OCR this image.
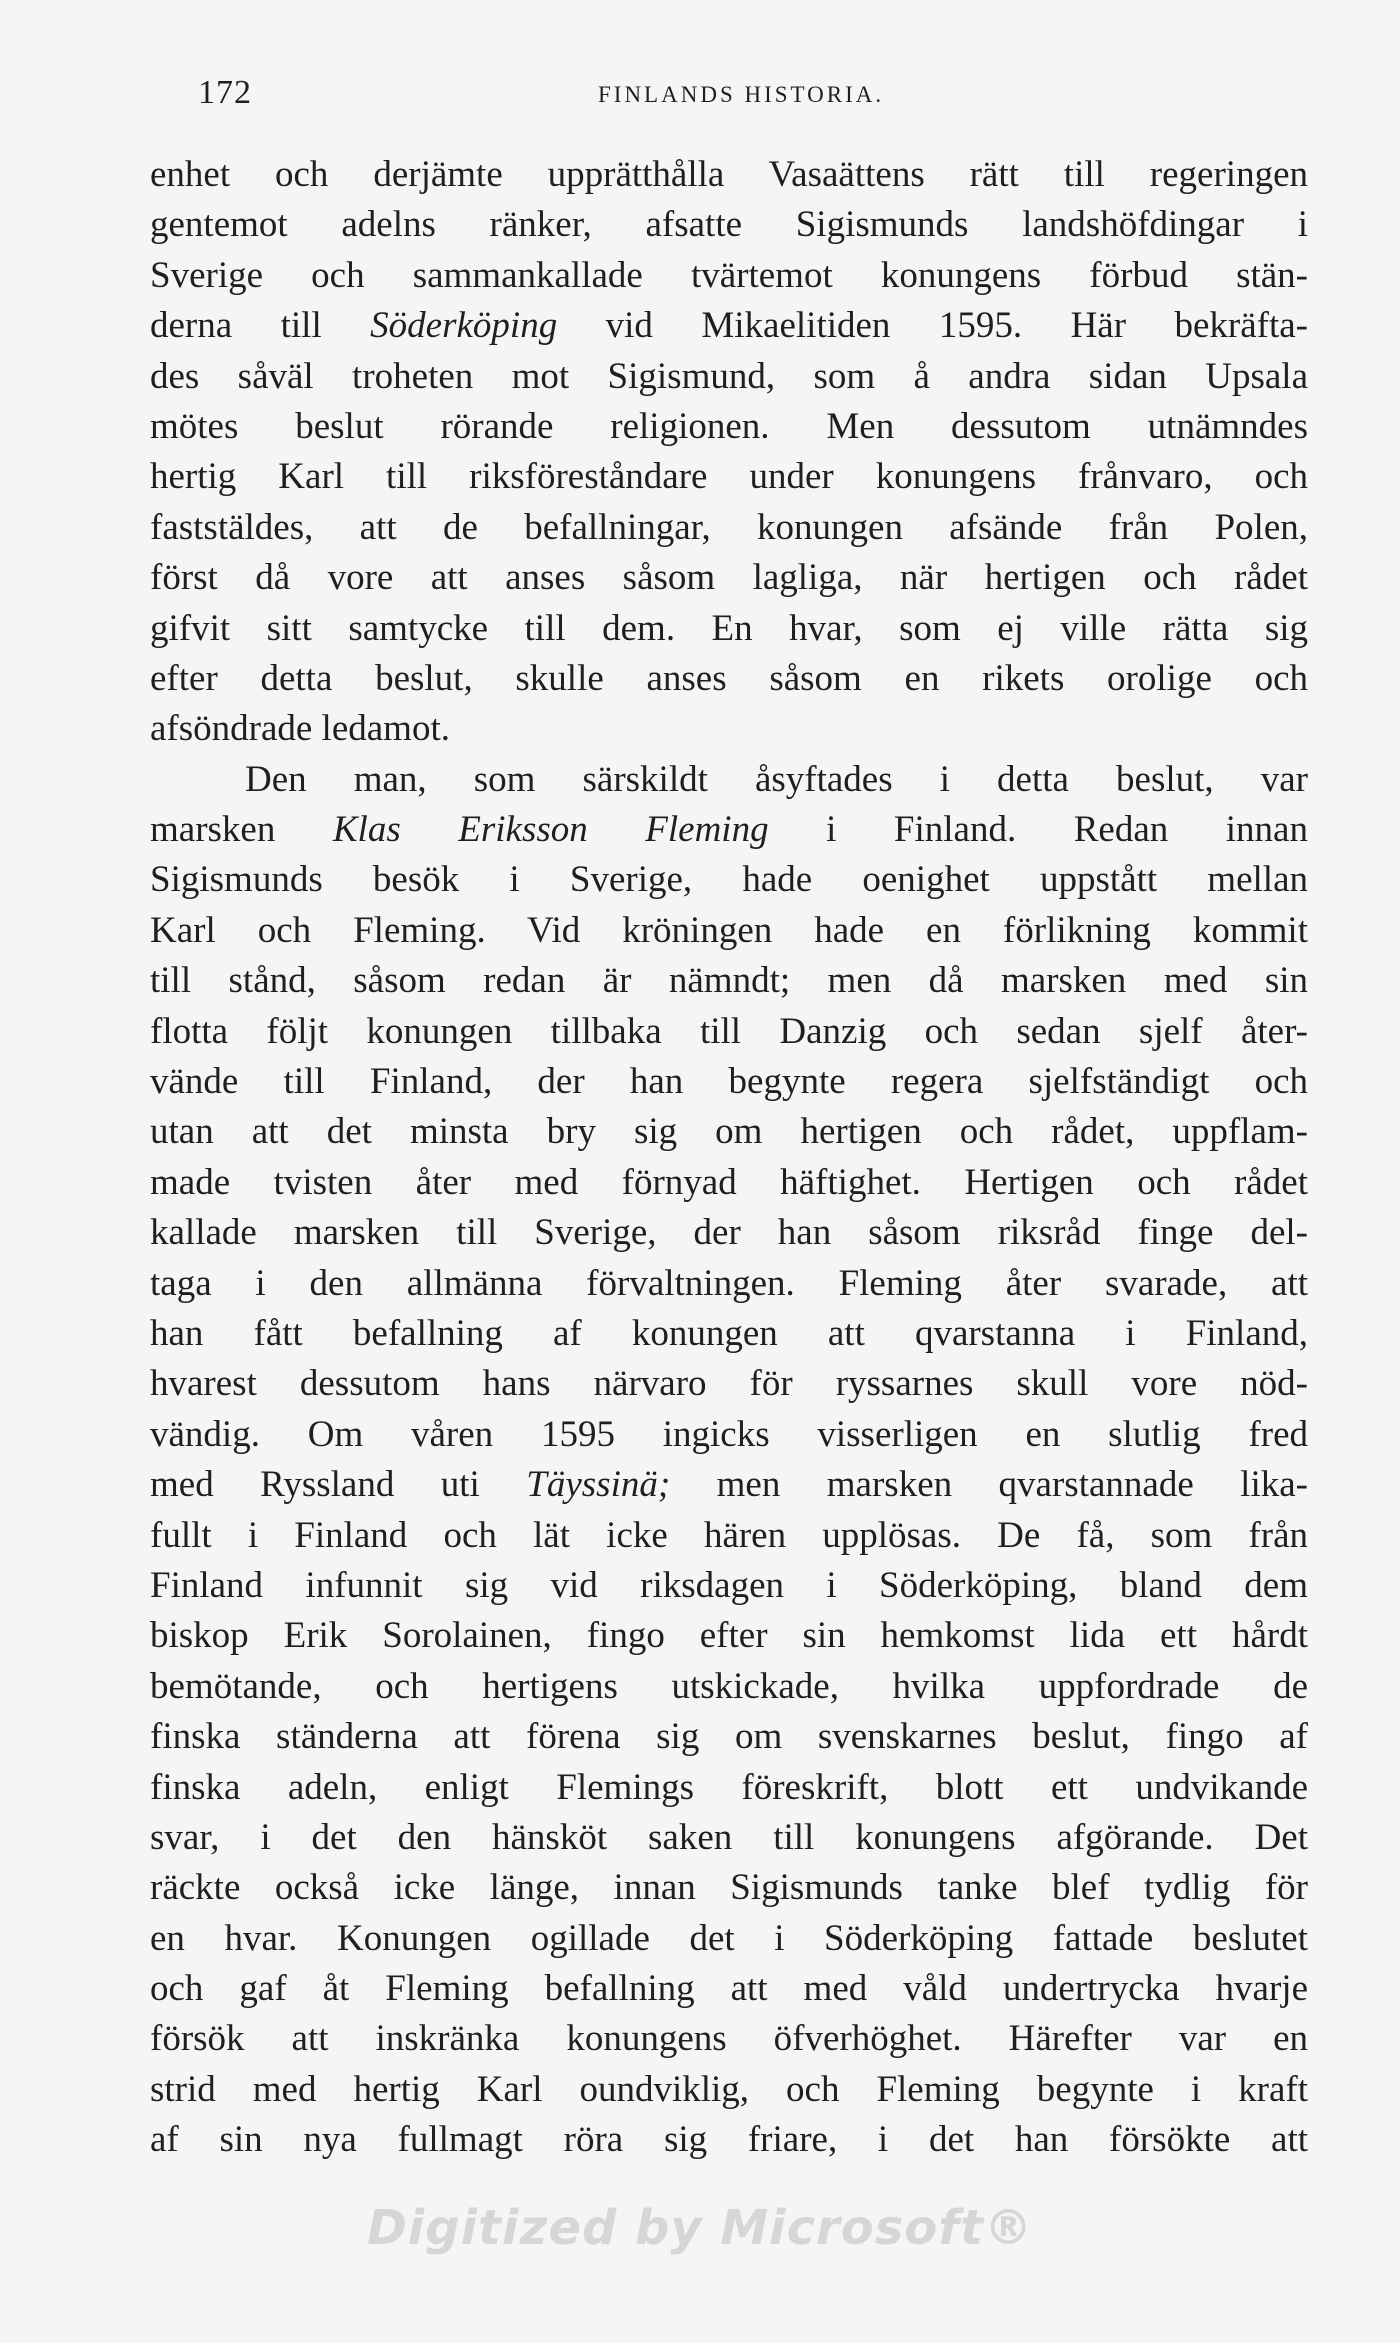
172	FINLANDS HISTORIA.
enhet och derjämte upprätthålla Vasaättens rätt till regeringen
gentemot adelns ränker, afsatte Sigismunds landshöfdingar i
Sverige och sammankallade tvärtemot konungens förbud stän-
derna till Söderköping vid Mikaelitiden 1595. Här bekräfta-
des såväl troheten mot Sigismund, som å andra sidan Upsala
mötes beslut rörande religionen. Men dessutom utnämndes
hertig Karl till riksföreståndare under konungens frånvaro, och
faststäldes, att de befallningar, konungen afsände från Polen,
först då vore att anses såsom lagliga, när hertigen och rådet
gifvit sitt samtycke till dem. En hvar, som ej ville rätta sig
efter detta beslut, skulle anses såsom en rikets orolige och
afsöndrade ledamot.
Den man, som särskildt åsyftades i detta beslut, var
marsken Klas Eriksson Fleming i Finland. Redan innan
Sigismunds besök i Sverige, hade oenighet uppstått mellan
Karl och Fleming. Vid kröningen hade en förlikning kommit
till stånd, såsom redan är nämndt; men då marsken med sin
flotta följt konungen tillbaka till Danzig och sedan sjelf åter-
vände till Finland, der han begynte regera sjelfständigt och
utan att det minsta bry sig om hertigen och rådet, uppflam-
made tvisten åter med förnyad häftighet. Hertigen och rådet
kallade marsken till Sverige, der han såsom riksråd finge del-
taga i den allmänna förvaltningen. Fleming åter svarade, att
han fått befallning af konungen att qvarstanna i Finland,
hvarest dessutom hans närvaro för ryssarnes skull vore nöd-
vändig. Om våren 1595 ingicks visserligen en slutlig fred
med Ryssland uti Täyssinä; men marsken qvarstannade lika-
fullt i Finland och lät icke hären upplösas. De få, som från
Finland infunnit sig vid riksdagen i Söderköping, bland dem
biskop Erik Sorolainen, fingo efter sin hemkomst lida ett hårdt
bemötande, och hertigens utskickade, hvilka uppfordrade de
finska ständerna att förena sig om svenskarnes beslut, fingo af
finska adeln, enligt Flemings föreskrift, blott ett undvikande
svar, i det den hänsköt saken till konungens afgörande. Det
räckte också icke länge, innan Sigismunds tanke blef tydlig för
en hvar. Konungen ogillade det i Söderköping fattade beslutet
och gaf åt Fleming befallning att med våld undertrycka hvarje
försök att inskränka konungens öfverhöghet. Härefter var en
strid med hertig Karl oundviklig, och Fleming begynte i kraft
af sin nya fullmagt röra sig friare, i det han försökte att
Digitized by Microsoft®
